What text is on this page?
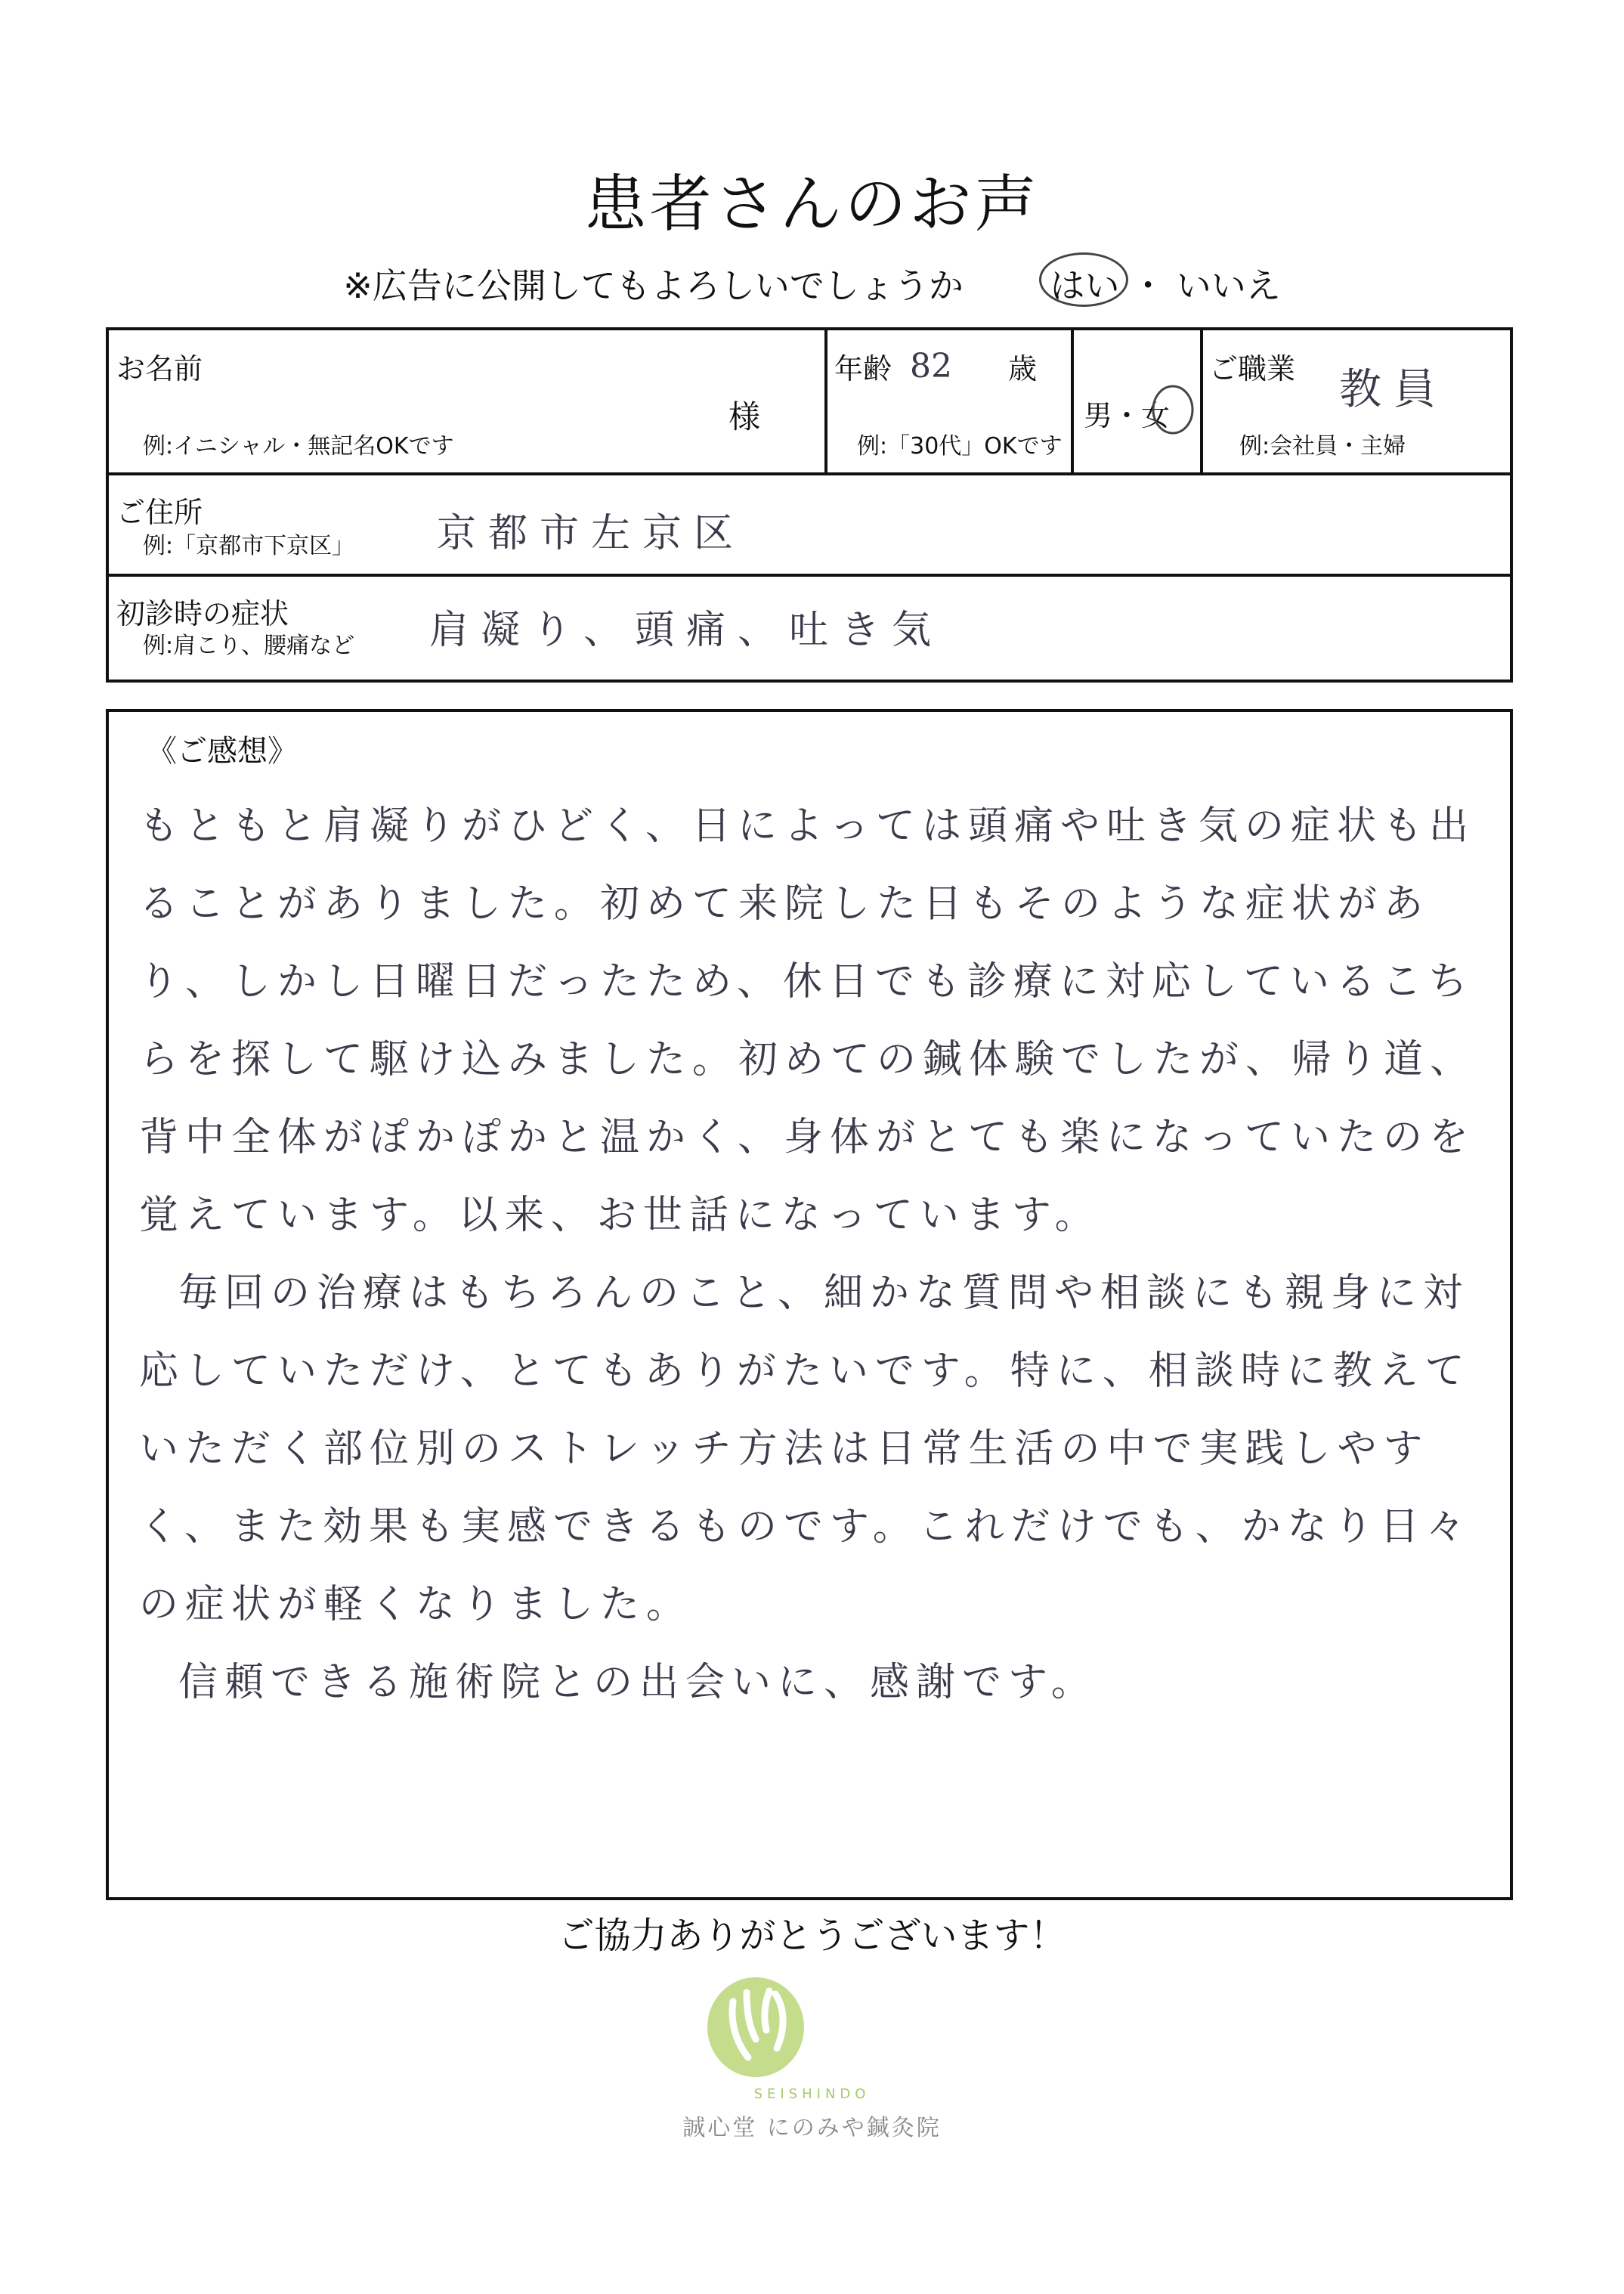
患者さんのお声
※広告に公開してもよろしいでしょうか はい ・ いいえ
お名前
様
例:イニシャル・無記名OKです
年齢 82 歳
例:「30代」OKです
男・女
ご職業 教員
例:会社員・主婦
ご住所
例:「京都市下京区」 京都市左京区
初診時の症状
例:肩こり、腰痛など 肩凝り、頭痛、吐き気
《ご感想》
もともと肩凝りがひどく、日によっては頭痛や吐き気の症状も出ることがありました。初めて来院した日もそのような症状があり、しかし日曜日だったため、休日でも診療に対応しているこちらを探して駆け込みました。初めての鍼体験でしたが、帰り道、背中全体がぽかぽかと温かく、身体がとても楽になっていたのを覚えています。以来、お世話になっています。
毎回の治療はもちろんのこと、細かな質問や相談にも親身に対応していただけ、とてもありがたいです。特に、相談時に教えていただく部位別のストレッチ方法は日常生活の中で実践しやすく、また効果も実感できるものです。これだけでも、かなり日々の症状が軽くなりました。
信頼できる施術院との出会いに、感謝です。
ご協力ありがとうございます！
SEISHINDO
誠心堂 にのみや鍼灸院
